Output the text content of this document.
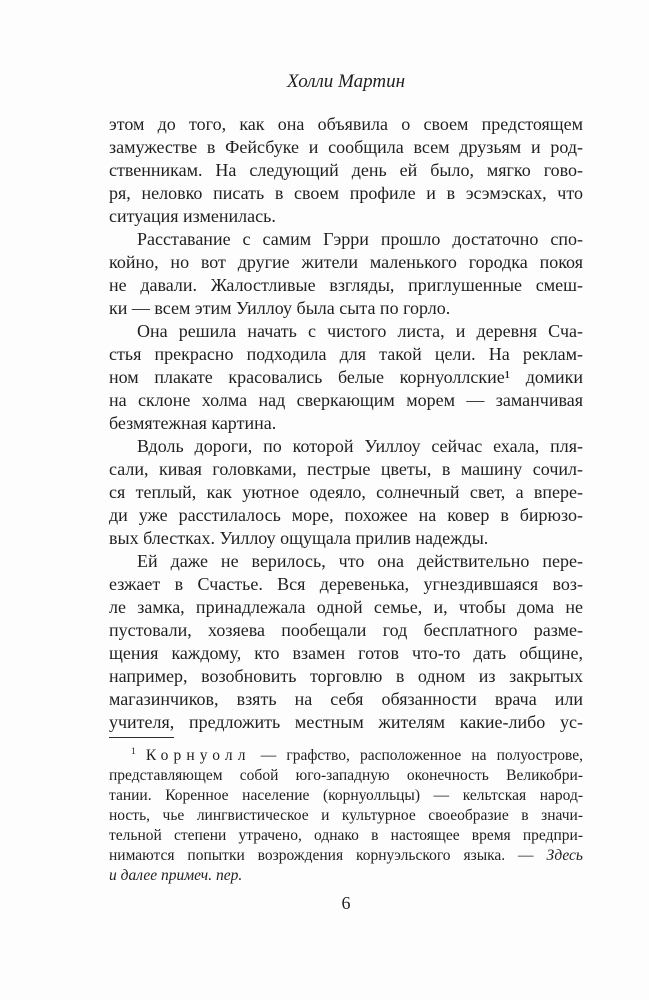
Холли Мартин
этом до того, как она объявила о своем предстоящем
замужестве в Фейсбуке и сообщила всем друзьям и род-
ственникам. На следующий день ей было, мягко гово-
ря, неловко писать в своем профиле и в эсэмэсках, что
ситуация изменилась.
Расставание с самим Гэрри прошло достаточно спо-
койно, но вот другие жители маленького городка покоя
не давали. Жалостливые взгляды, приглушенные смеш-
ки — всем этим Уиллоу была сыта по горло.
Она решила начать с чистого листа, и деревня Сча-
стья прекрасно подходила для такой цели. На реклам-
ном плакате красовались белые корнуоллские¹ домики
на склоне холма над сверкающим морем — заманчивая
безмятежная картина.
Вдоль дороги, по которой Уиллоу сейчас ехала, пля-
сали, кивая головками, пестрые цветы, в машину сочил-
ся теплый, как уютное одеяло, солнечный свет, а впере-
ди уже расстилалось море, похожее на ковер в бирюзо-
вых блестках. Уиллоу ощущала прилив надежды.
Ей даже не верилось, что она действительно пере-
езжает в Счастье. Вся деревенька, угнездившаяся воз-
ле замка, принадлежала одной семье, и, чтобы дома не
пустовали, хозяева пообещали год бесплатного разме-
щения каждому, кто взамен готов что-то дать общине,
например, возобновить торговлю в одном из закрытых
магазинчиков, взять на себя обязанности врача или
учителя, предложить местным жителям какие-либо ус-
$^1$ Корнуолл — графство, расположенное на полуострове,
представляющем собой юго-западную оконечность Великобри-
тании. Коренное население (корнуолльцы) — кельтская народ-
ность, чье лингвистическое и культурное своеобразие в значи-
тельной степени утрачено, однако в настоящее время предпри-
нимаются попытки возрождения корнуэльского языка. — Здесь
и далее примеч. пер.
6
